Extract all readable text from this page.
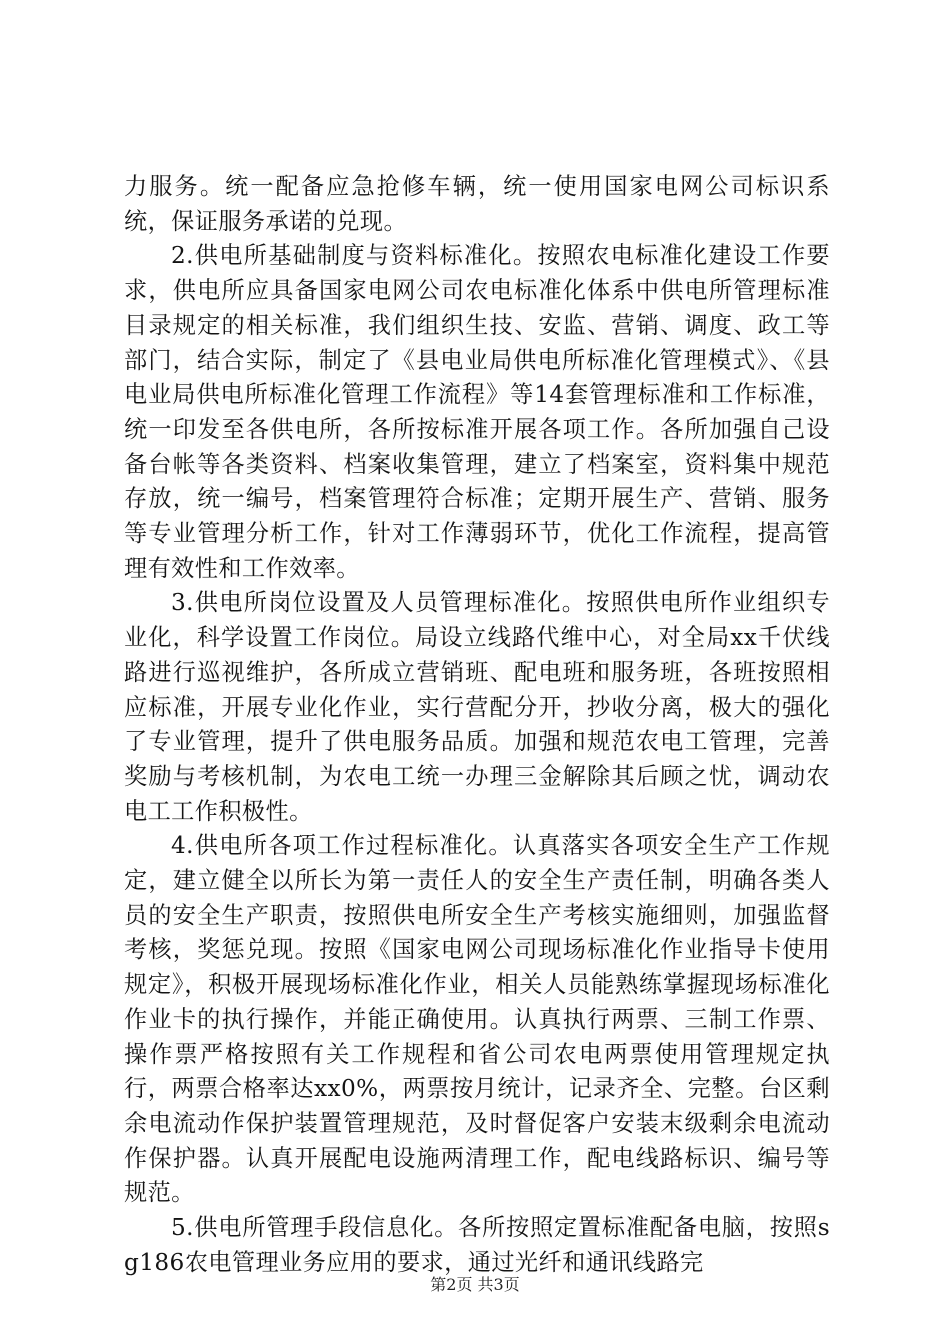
力服务。统一配备应急抢修车辆，统一使用国家电网公司标识系统，保证服务承诺的兑现。

2.供电所基础制度与资料标准化。按照农电标准化建设工作要求，供电所应具备国家电网公司农电标准化体系中供电所管理标准目录规定的相关标准，我们组织生技、安监、营销、调度、政工等部门，结合实际，制定了《县电业局供电所标准化管理模式》、《县电业局供电所标准化管理工作流程》等14套管理标准和工作标准，统一印发至各供电所，各所按标准开展各项工作。各所加强自己设备台帐等各类资料、档案收集管理，建立了档案室，资料集中规范存放，统一编号，档案管理符合标准；定期开展生产、营销、服务等专业管理分析工作，针对工作薄弱环节，优化工作流程，提高管理有效性和工作效率。

3.供电所岗位设置及人员管理标准化。按照供电所作业组织专业化，科学设置工作岗位。局设立线路代维中心，对全局xx千伏线路进行巡视维护，各所成立营销班、配电班和服务班，各班按照相应标准，开展专业化作业，实行营配分开，抄收分离，极大的强化了专业管理，提升了供电服务品质。加强和规范农电工管理，完善奖励与考核机制，为农电工统一办理三金解除其后顾之忧，调动农电工工作积极性。

4.供电所各项工作过程标准化。认真落实各项安全生产工作规定，建立健全以所长为第一责任人的安全生产责任制，明确各类人员的安全生产职责，按照供电所安全生产考核实施细则，加强监督考核，奖惩兑现。按照《国家电网公司现场标准化作业指导卡使用规定》，积极开展现场标准化作业，相关人员能熟练掌握现场标准化作业卡的执行操作，并能正确使用。认真执行两票、三制工作票、操作票严格按照有关工作规程和省公司农电两票使用管理规定执行，两票合格率达xx0%，两票按月统计，记录齐全、完整。台区剩余电流动作保护装置管理规范，及时督促客户安装末级剩余电流动作保护器。认真开展配电设施两清理工作，配电线路标识、编号等规范。

5.供电所管理手段信息化。各所按照定置标准配备电脑，按照sg186农电管理业务应用的要求，通过光纤和通讯线路完

第2页 共3页
